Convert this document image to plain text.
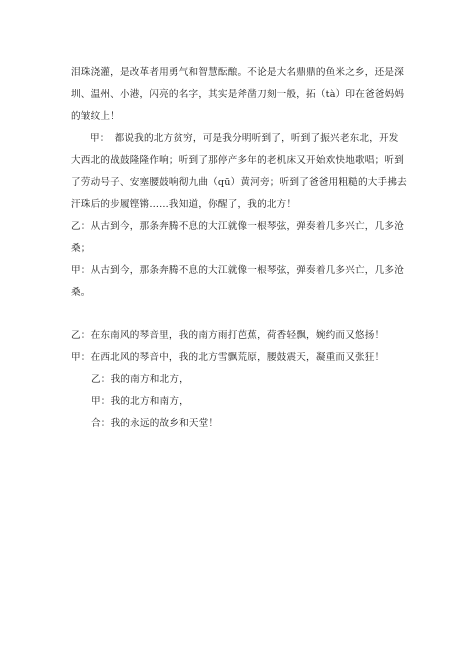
泪珠浇灌，是改革者用勇气和智慧酝酿。不论是大名鼎鼎的鱼米之乡，还是深
圳、温州、小港，闪亮的名字，其实是斧凿刀刻一般，拓（tà）印在爸爸妈妈
的皱纹上！
甲：　都说我的北方贫穷，可是我分明听到了，听到了振兴老东北，开发
大西北的战鼓隆隆作响；听到了那停产多年的老机床又开始欢快地歌唱；听到
了劳动号子、安塞腰鼓响彻九曲（qū）黄河旁；听到了爸爸用粗糙的大手拂去
汗珠后的步履铿锵……我知道，你醒了，我的北方！
乙：从古到今，那条奔腾不息的大江就像一根琴弦，弹奏着几多兴亡，几多沧
桑；
甲：从古到今，那条奔腾不息的大江就像一根琴弦，弹奏着几多兴亡，几多沧
桑。
乙：在东南风的琴音里，我的南方雨打芭蕉，荷香轻飘，婉约而又悠扬！
甲：在西北风的琴音中，我的北方雪飘荒原，腰鼓震天，凝重而又张狂！
乙：我的南方和北方，
甲：我的北方和南方，
合：我的永远的故乡和天堂！
